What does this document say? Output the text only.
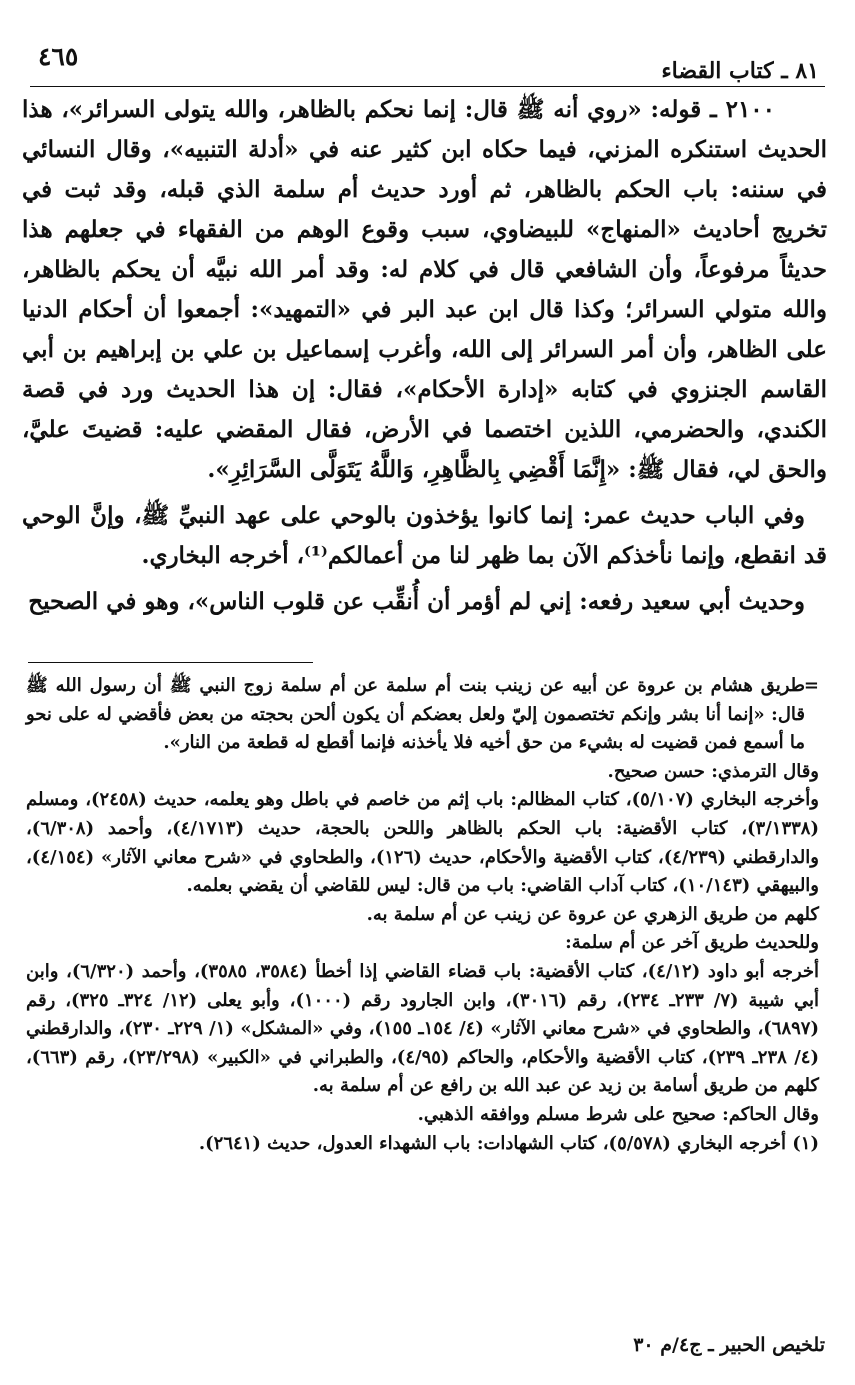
٤٦٥	٨١ ـ كتاب القضاء

٢١٠٠ ـ قوله: «روي أنه ﷺ قال: إنما نحكم بالظاهر، والله يتولى السرائر»، هذا الحديث استنكره المزني، فيما حكاه ابن كثير عنه في «أدلة التنبيه»، وقال النسائي في سننه: باب الحكم بالظاهر، ثم أورد حديث أم سلمة الذي قبله، وقد ثبت في تخريج أحاديث «المنهاج» للبيضاوي، سبب وقوع الوهم من الفقهاء في جعلهم هذا حديثاً مرفوعاً، وأن الشافعي قال في كلام له: وقد أمر الله نبيَّه أن يحكم بالظاهر، والله متولي السرائر؛ وكذا قال ابن عبد البر في «التمهيد»: أجمعوا أن أحكام الدنيا على الظاهر، وأن أمر السرائر إلى الله، وأغرب إسماعيل بن علي بن إبراهيم بن أبي القاسم الجنزوي في كتابه «إدارة الأحكام»، فقال: إن هذا الحديث ورد في قصة الكندي، والحضرمي، اللذين اختصما في الأرض، فقال المقضي عليه: قضيتَ عليَّ، والحق لي، فقال ﷺ: «إِنَّمَا أَقْضِي بِالظَّاهِرِ، وَاللَّهُ يَتَوَلَّى السَّرَائِرِ».

وفي الباب حديث عمر: إنما كانوا يؤخذون بالوحي على عهد النبيِّ ﷺ، وإنَّ الوحي قد انقطع، وإنما نأخذكم الآن بما ظهر لنا من أعمالكم⁽¹⁾، أخرجه البخاري.

وحديث أبي سعيد رفعه: إني لم أؤمر أن أُنقِّب عن قلوب الناس»، وهو في الصحيح

=

طريق هشام بن عروة عن أبيه عن زينب بنت أم سلمة عن أم سلمة زوج النبي ﷺ أن رسول الله ﷺ قال: «إنما أنا بشر وإنكم تختصمون إليّ ولعل بعضكم أن يكون ألحن بحجته من بعض فأقضي له على نحو ما أسمع فمن قضيت له بشيء من حق أخيه فلا يأخذنه فإنما أقطع له قطعة من النار».

وقال الترمذي: حسن صحيح.

وأخرجه البخاري (٥/١٠٧)، كتاب المظالم: باب إثم من خاصم في باطل وهو يعلمه، حديث (٢٤٥٨)، ومسلم (٣/١٣٣٨)، كتاب الأقضية: باب الحكم بالظاهر واللحن بالحجة، حديث (٤/١٧١٣)، وأحمد (٦/٣٠٨)، والدارقطني (٤/٢٣٩)، كتاب الأقضية والأحكام، حديث (١٢٦)، والطحاوي في «شرح معاني الآثار» (٤/١٥٤)، والبيهقي (١٠/١٤٣)، كتاب آداب القاضي: باب من قال: ليس للقاضي أن يقضي بعلمه.

كلهم من طريق الزهري عن عروة عن زينب عن أم سلمة به.

وللحديث طريق آخر عن أم سلمة:

أخرجه أبو داود (٤/١٢)، كتاب الأقضية: باب قضاء القاضي إذا أخطأ (٣٥٨٤، ٣٥٨٥)، وأحمد (٦/٣٢٠)، وابن أبي شيبة (٧/ ٢٣٣ـ ٢٣٤)، رقم (٣٠١٦)، وابن الجارود رقم (١٠٠٠)، وأبو يعلى (١٢/ ٣٢٤ـ ٣٢٥)، رقم (٦٨٩٧)، والطحاوي في «شرح معاني الآثار» (٤/ ١٥٤ـ ١٥٥)، وفي «المشكل» (١/ ٢٢٩ـ ٢٣٠)، والدارقطني (٤/ ٢٣٨ـ ٢٣٩)، كتاب الأقضية والأحكام، والحاكم (٤/٩٥)، والطبراني في «الكبير» (٢٣/٢٩٨)، رقم (٦٦٣)، كلهم من طريق أسامة بن زيد عن عبد الله بن رافع عن أم سلمة به.

وقال الحاكم: صحيح على شرط مسلم ووافقه الذهبي.

(١) أخرجه البخاري (٥/٥٧٨)، كتاب الشهادات: باب الشهداء العدول، حديث (٢٦٤١).

تلخيص الحبير ـ ج٤/م ٣٠
